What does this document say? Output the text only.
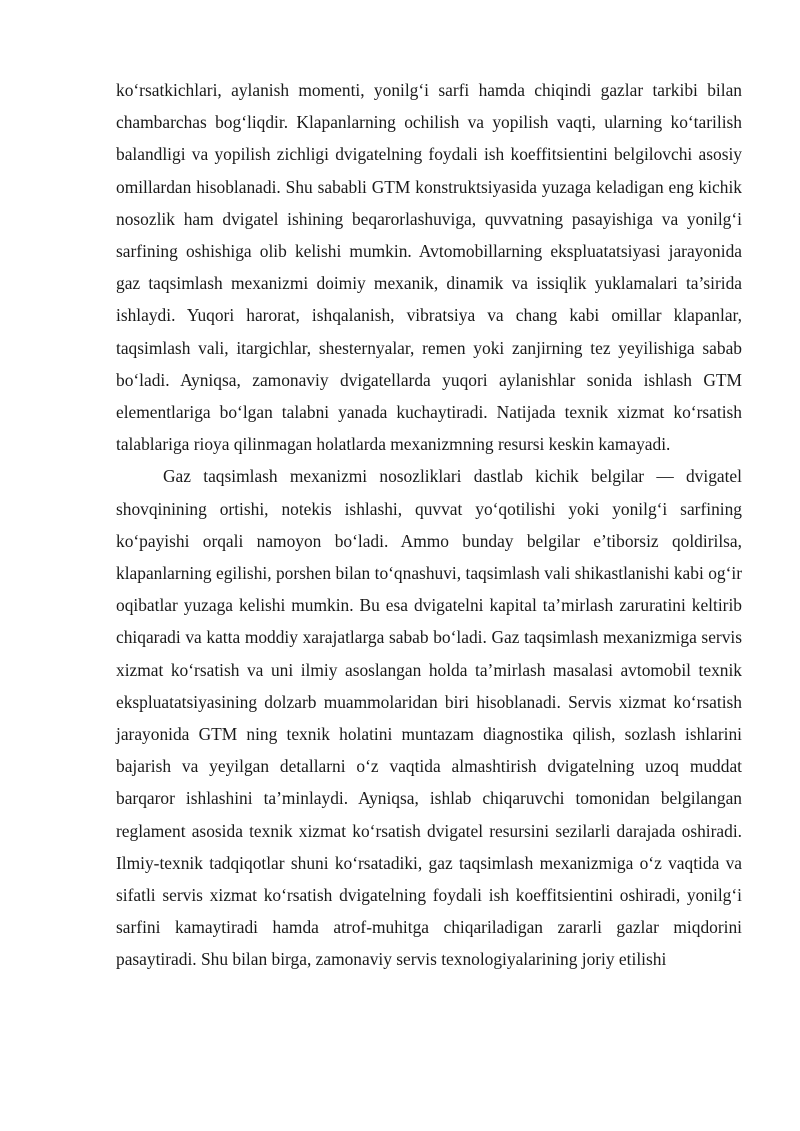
ko‘rsatkichlari, aylanish momenti, yonilg‘i sarfi hamda chiqindi gazlar tarkibi bilan chambarchas bog‘liqdir. Klapanlarning ochilish va yopilish vaqti, ularning ko‘tarilish balandligi va yopilish zichligi dvigatelning foydali ish koeffitsientini belgilovchi asosiy omillardan hisoblanadi. Shu sababli GTM konstruktsiyasida yuzaga keladigan eng kichik nosozlik ham dvigatel ishining beqarorlashuviga, quvvatning pasayishiga va yonilg‘i sarfining oshishiga olib kelishi mumkin. Avtomobillarning ekspluatatsiyasi jarayonida gaz taqsimlash mexanizmi doimiy mexanik, dinamik va issiqlik yuklamalari ta’sirida ishlaydi. Yuqori harorat, ishqalanish, vibratsiya va chang kabi omillar klapanlar, taqsimlash vali, itargichlar, shesternyalar, remen yoki zanjirning tez yeyilishiga sabab bo‘ladi. Ayniqsa, zamonaviy dvigatellarda yuqori aylanishlar sonida ishlash GTM elementlariga bo‘lgan talabni yanada kuchaytiradi. Natijada texnik xizmat ko‘rsatish talablariga rioya qilinmagan holatlarda mexanizmning resursi keskin kamayadi.

Gaz taqsimlash mexanizmi nosozliklari dastlab kichik belgilar — dvigatel shovqinining ortishi, notekis ishlashi, quvvat yo‘qotilishi yoki yonilg‘i sarfining ko‘payishi orqali namoyon bo‘ladi. Ammo bunday belgilar e’tiborsiz qoldirilsa, klapanlarning egilishi, porshen bilan to‘qnashuvi, taqsimlash vali shikastlanishi kabi og‘ir oqibatlar yuzaga kelishi mumkin. Bu esa dvigatelni kapital ta’mirlash zaruratini keltirib chiqaradi va katta moddiy xarajatlarga sabab bo‘ladi. Gaz taqsimlash mexanizmiga servis xizmat ko‘rsatish va uni ilmiy asoslangan holda ta’mirlash masalasi avtomobil texnik ekspluatatsiyasining dolzarb muammolaridan biri hisoblanadi. Servis xizmat ko‘rsatish jarayonida GTM ning texnik holatini muntazam diagnostika qilish, sozlash ishlarini bajarish va yeyilgan detallarni o‘z vaqtida almashtirish dvigatelning uzoq muddat barqaror ishlashini ta’minlaydi. Ayniqsa, ishlab chiqaruvchi tomonidan belgilangan reglament asosida texnik xizmat ko‘rsatish dvigatel resursini sezilarli darajada oshiradi. Ilmiy-texnik tadqiqotlar shuni ko‘rsatadiki, gaz taqsimlash mexanizmiga o‘z vaqtida va sifatli servis xizmat ko‘rsatish dvigatelning foydali ish koeffitsientini oshiradi, yonilg‘i sarfini kamaytiradi hamda atrof-muhitga chiqariladigan zararli gazlar miqdorini pasaytiradi. Shu bilan birga, zamonaviy servis texnologiyalarining joriy etilishi
